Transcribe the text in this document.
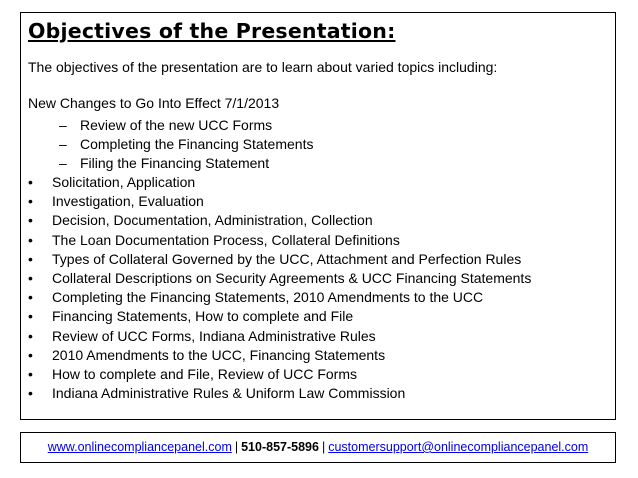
Objectives of the Presentation:
The objectives of the presentation are to learn about varied topics including:
New Changes to Go Into Effect 7/1/2013
– Review of the new UCC Forms
– Completing the Financing Statements
– Filing the Financing Statement
• Solicitation, Application
• Investigation, Evaluation
• Decision, Documentation, Administration, Collection
• The Loan Documentation Process, Collateral Definitions
• Types of Collateral Governed by the UCC, Attachment and Perfection Rules
• Collateral Descriptions on Security Agreements & UCC Financing Statements
• Completing the Financing Statements, 2010 Amendments to the UCC
• Financing Statements, How to complete and File
• Review of UCC Forms, Indiana Administrative Rules
• 2010 Amendments to the UCC, Financing Statements
• How to complete and File, Review of UCC Forms
• Indiana Administrative Rules & Uniform Law Commission
www.onlinecompliancepanel.com | 510-857-5896 | customersupport@onlinecompliancepanel.com
